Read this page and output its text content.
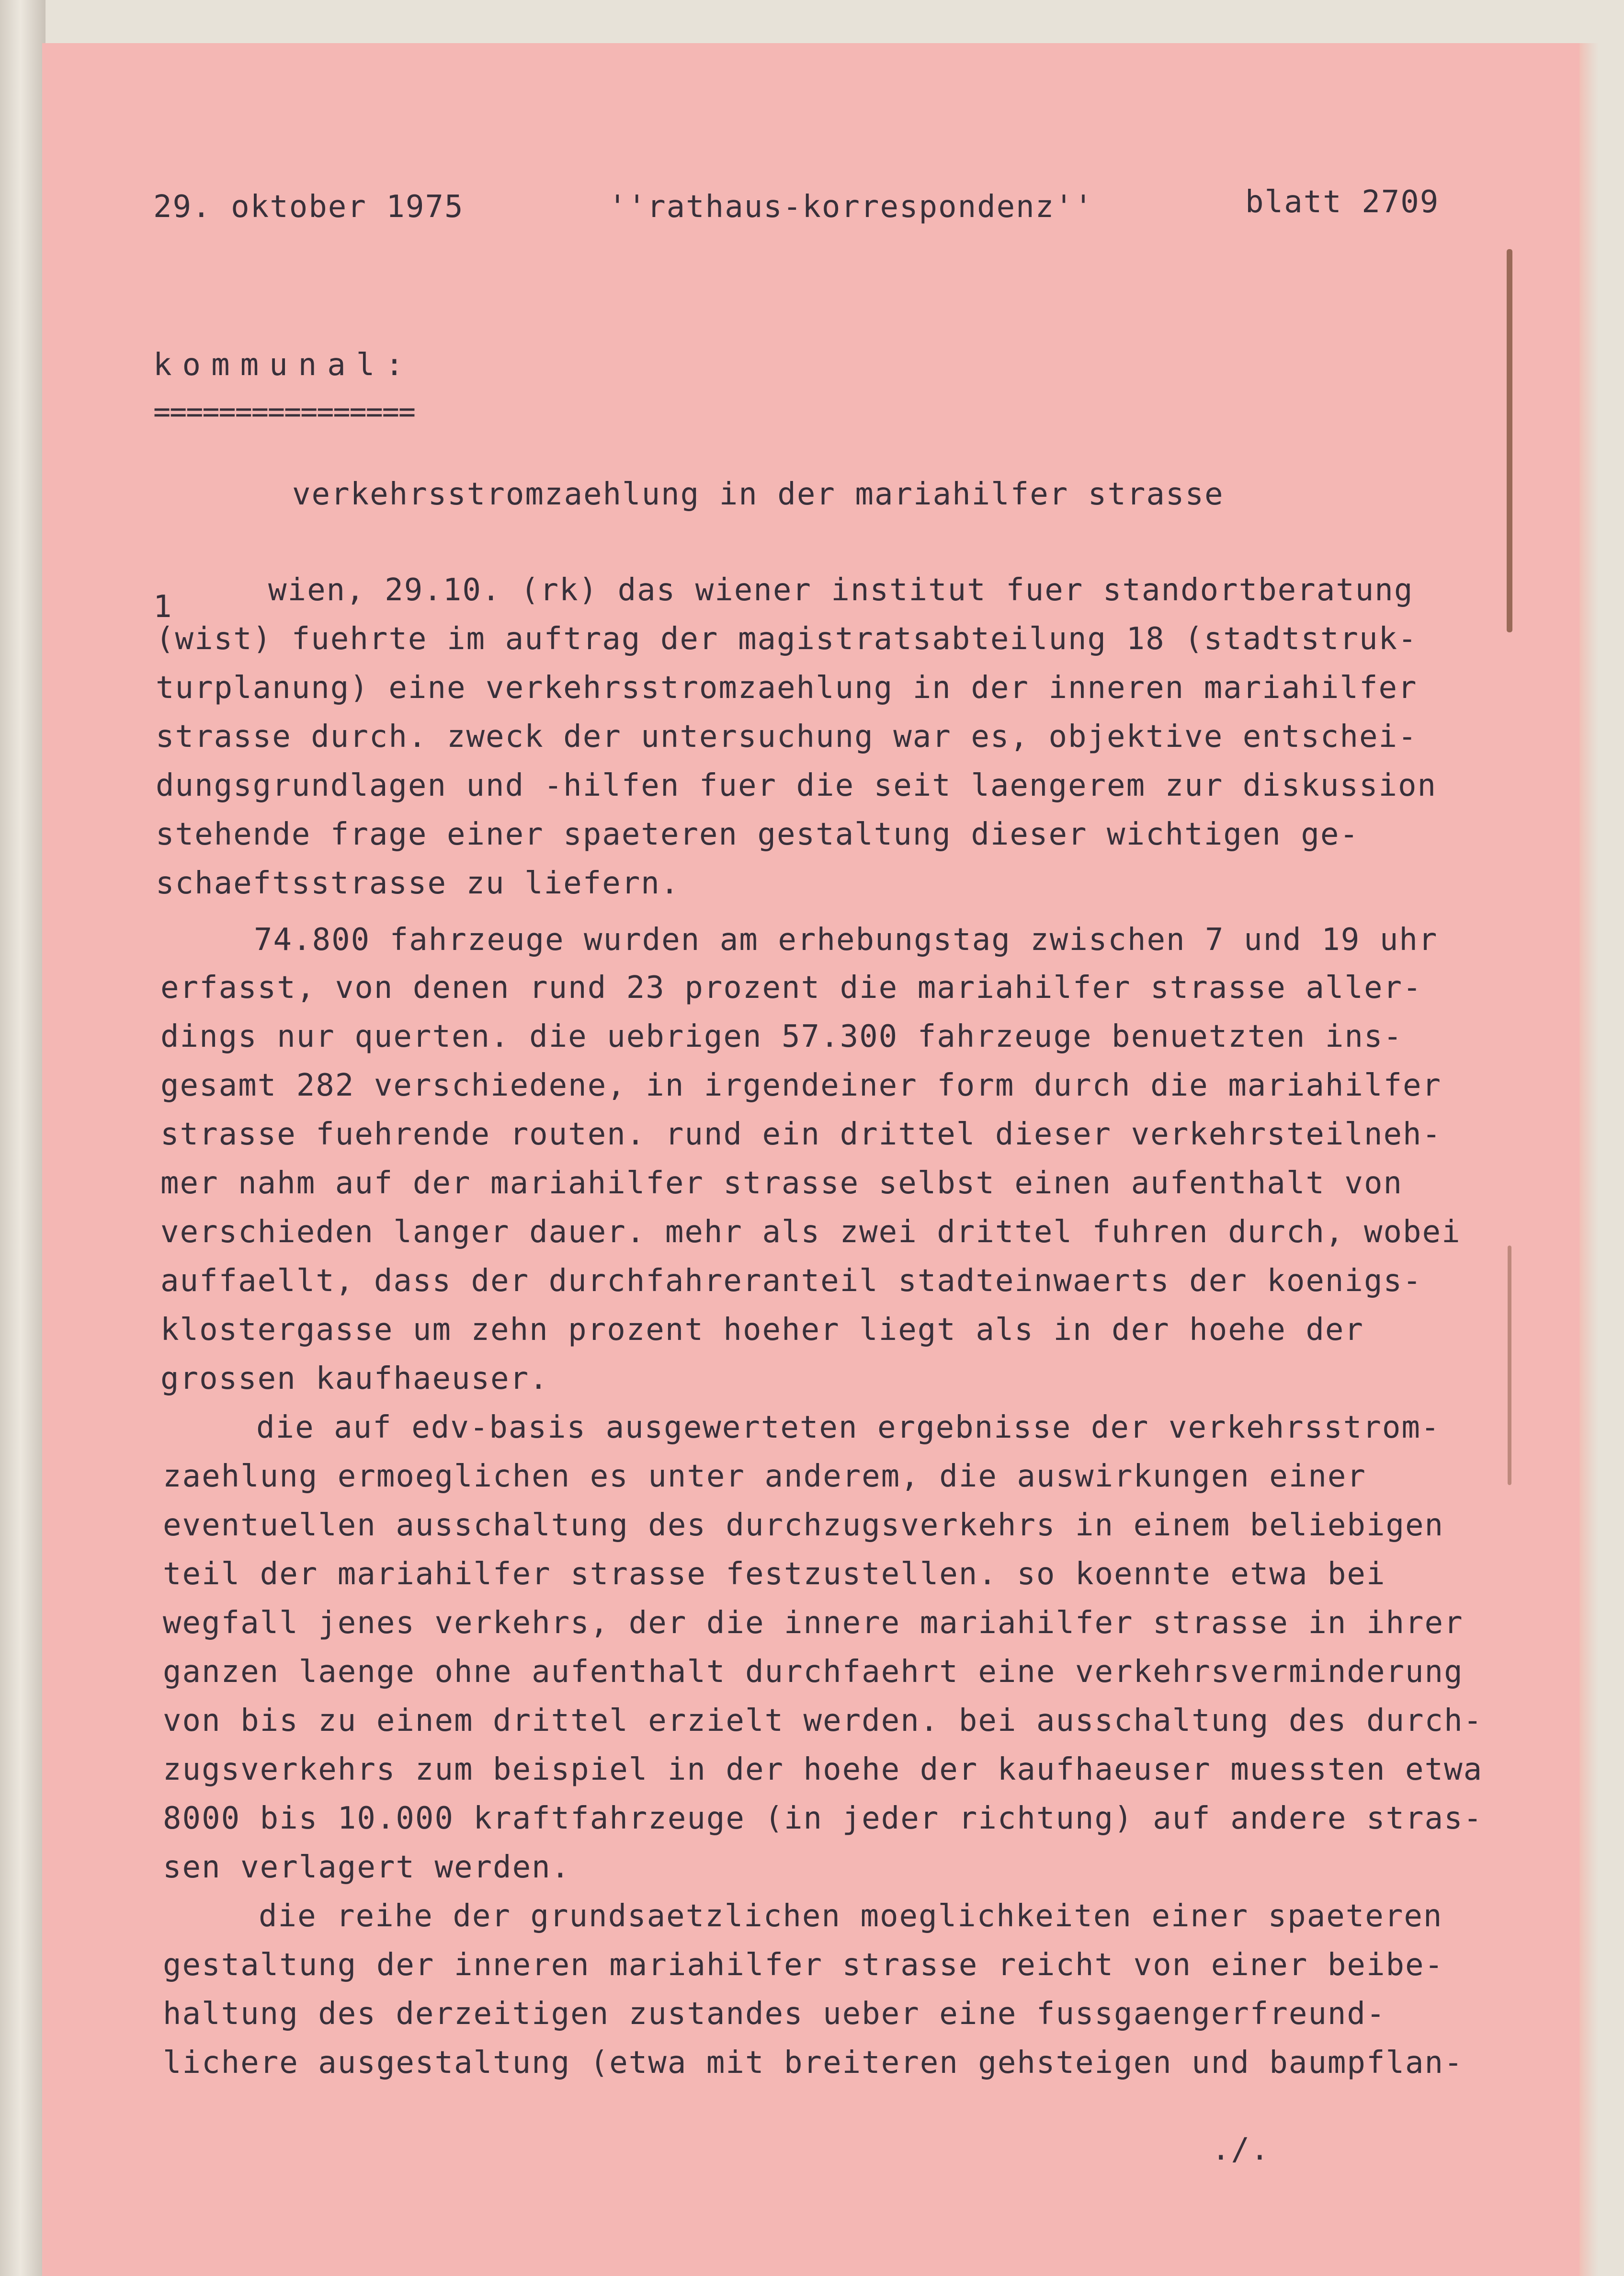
29. oktober 1975

	''rathaus-korrespondenz''

	blatt 2709

kommunal:

================

verkehrsstromzaehlung in der mariahilfer strasse

1

	wien, 29.10. (rk) das wiener institut fuer standortberatung

(wist) fuehrte im auftrag der magistratsabteilung 18 (stadtstruk-

turplanung) eine verkehrsstromzaehlung in der inneren mariahilfer

strasse durch. zweck der untersuchung war es, objektive entschei-

dungsgrundlagen und -hilfen fuer die seit laengerem zur diskussion

stehende frage einer spaeteren gestaltung dieser wichtigen ge-

schaeftsstrasse zu liefern.

74.800 fahrzeuge wurden am erhebungstag zwischen 7 und 19 uhr

erfasst, von denen rund 23 prozent die mariahilfer strasse aller-

dings nur querten. die uebrigen 57.300 fahrzeuge benuetzten ins-

gesamt 282 verschiedene, in irgendeiner form durch die mariahilfer

strasse fuehrende routen. rund ein drittel dieser verkehrsteilneh-

mer nahm auf der mariahilfer strasse selbst einen aufenthalt von

verschieden langer dauer. mehr als zwei drittel fuhren durch, wobei

auffaellt, dass der durchfahreranteil stadteinwaerts der koenigs-

klostergasse um zehn prozent hoeher liegt als in der hoehe der

grossen kaufhaeuser.

die auf edv-basis ausgewerteten ergebnisse der verkehrsstrom-

zaehlung ermoeglichen es unter anderem, die auswirkungen einer

eventuellen ausschaltung des durchzugsverkehrs in einem beliebigen

teil der mariahilfer strasse festzustellen. so koennte etwa bei

wegfall jenes verkehrs, der die innere mariahilfer strasse in ihrer

ganzen laenge ohne aufenthalt durchfaehrt eine verkehrsverminderung

von bis zu einem drittel erzielt werden. bei ausschaltung des durch-

zugsverkehrs zum beispiel in der hoehe der kaufhaeuser muessten etwa

8000 bis 10.000 kraftfahrzeuge (in jeder richtung) auf andere stras-

sen verlagert werden.

die reihe der grundsaetzlichen moeglichkeiten einer spaeteren

gestaltung der inneren mariahilfer strasse reicht von einer beibe-

haltung des derzeitigen zustandes ueber eine fussgaengerfreund-

lichere ausgestaltung (etwa mit breiteren gehsteigen und baumpflan-

./.
